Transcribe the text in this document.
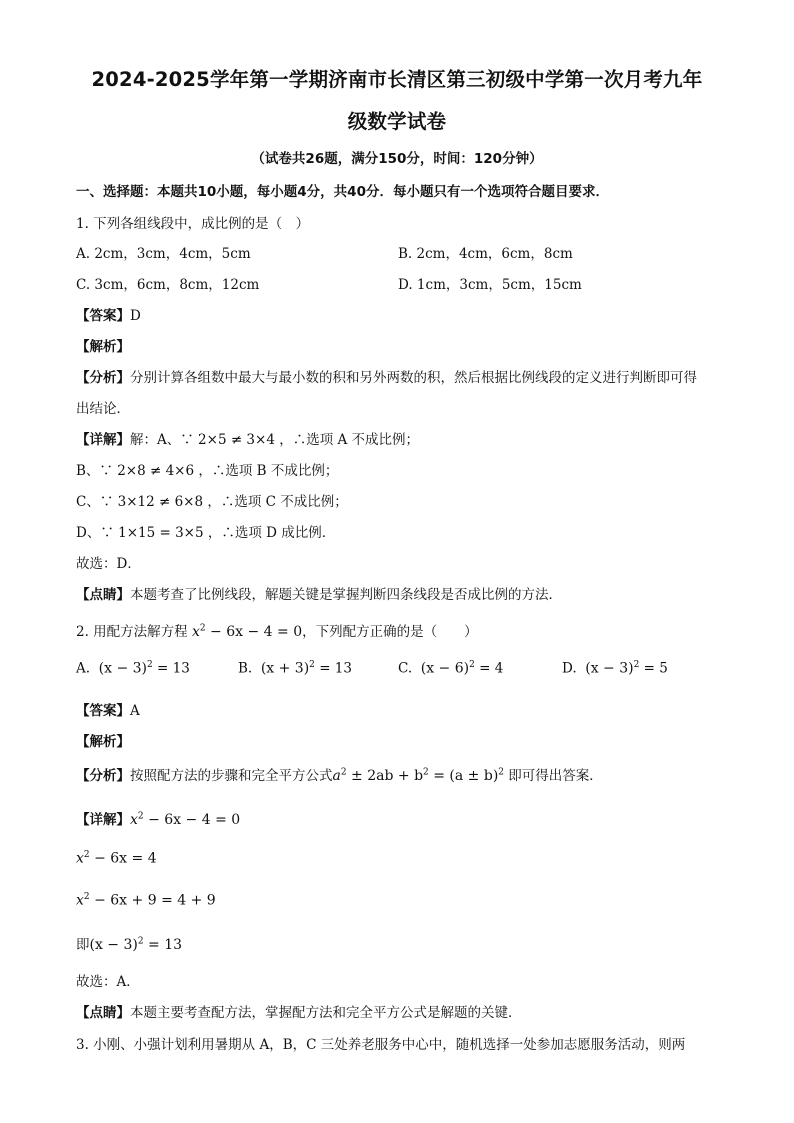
2024-2025学年第一学期济南市长清区第三初级中学第一次月考九年
级数学试卷
（试卷共26题，满分150分，时间：120分钟）
一、选择题：本题共10小题，每小题4分，共40分．每小题只有一个选项符合题目要求．
1. 下列各组线段中，成比例的是（　）
A. 2cm，3cm，4cm，5cm	B. 2cm，4cm，6cm，8cm
C. 3cm，6cm，8cm，12cm	D. 1cm，3cm，5cm，15cm
【答案】D
【解析】
【分析】分别计算各组数中最大与最小数的积和另外两数的积，然后根据比例线段的定义进行判断即可得
出结论．
【详解】解：A、∵ 2×5 ≠ 3×4 ，∴选项 A 不成比例；
B、∵ 2×8 ≠ 4×6 ，∴选项 B 不成比例；
C、∵ 3×12 ≠ 6×8 ，∴选项 C 不成比例；
D、∵ 1×15 = 3×5 ，∴选项 D 成比例．
故选：D．
【点睛】本题考查了比例线段，解题关键是掌握判断四条线段是否成比例的方法．
2. 用配方法解方程 $x^2 - 6x - 4 = 0$，下列配方正确的是（　　）
A. $(x - 3)^2 = 13$	B. $(x + 3)^2 = 13$	C. $(x - 6)^2 = 4$	D. $(x - 3)^2 = 5$
【答案】A
【解析】
【分析】按照配方法的步骤和完全平方公式$a^2 \pm 2ab + b^2 = (a \pm b)^2$ 即可得出答案．
【详解】$x^2 - 6x - 4 = 0$
$x^2 - 6x = 4$
$x^2 - 6x + 9 = 4 + 9$
即$(x - 3)^2 = 13$
故选：A．
【点睛】本题主要考查配方法，掌握配方法和完全平方公式是解题的关键．
3. 小刚、小强计划利用暑期从 A，B，C 三处养老服务中心中，随机选择一处参加志愿服务活动，则两
